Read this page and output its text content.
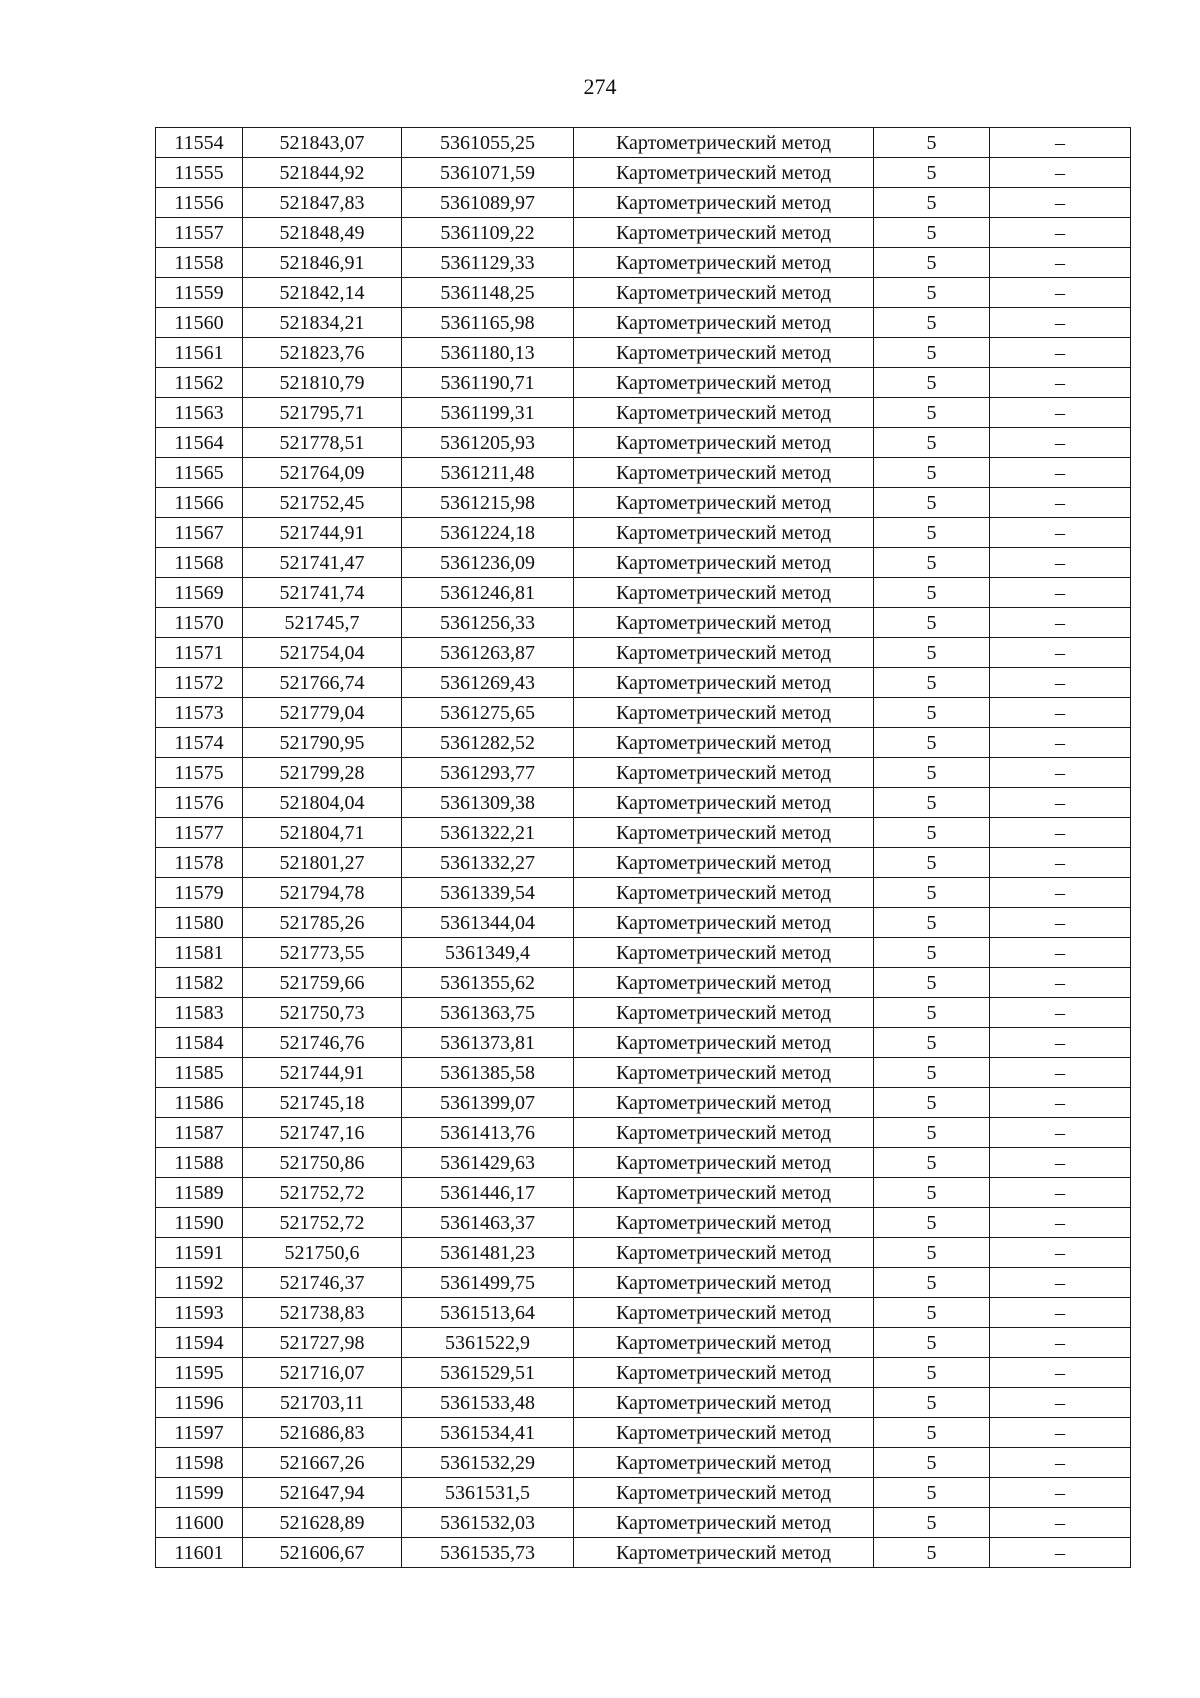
274
11554	521843,07	5361055,25	Картометрический метод	5	–
11555	521844,92	5361071,59	Картометрический метод	5	–
11556	521847,83	5361089,97	Картометрический метод	5	–
11557	521848,49	5361109,22	Картометрический метод	5	–
11558	521846,91	5361129,33	Картометрический метод	5	–
11559	521842,14	5361148,25	Картометрический метод	5	–
11560	521834,21	5361165,98	Картометрический метод	5	–
11561	521823,76	5361180,13	Картометрический метод	5	–
11562	521810,79	5361190,71	Картометрический метод	5	–
11563	521795,71	5361199,31	Картометрический метод	5	–
11564	521778,51	5361205,93	Картометрический метод	5	–
11565	521764,09	5361211,48	Картометрический метод	5	–
11566	521752,45	5361215,98	Картометрический метод	5	–
11567	521744,91	5361224,18	Картометрический метод	5	–
11568	521741,47	5361236,09	Картометрический метод	5	–
11569	521741,74	5361246,81	Картометрический метод	5	–
11570	521745,7	5361256,33	Картометрический метод	5	–
11571	521754,04	5361263,87	Картометрический метод	5	–
11572	521766,74	5361269,43	Картометрический метод	5	–
11573	521779,04	5361275,65	Картометрический метод	5	–
11574	521790,95	5361282,52	Картометрический метод	5	–
11575	521799,28	5361293,77	Картометрический метод	5	–
11576	521804,04	5361309,38	Картометрический метод	5	–
11577	521804,71	5361322,21	Картометрический метод	5	–
11578	521801,27	5361332,27	Картометрический метод	5	–
11579	521794,78	5361339,54	Картометрический метод	5	–
11580	521785,26	5361344,04	Картометрический метод	5	–
11581	521773,55	5361349,4	Картометрический метод	5	–
11582	521759,66	5361355,62	Картометрический метод	5	–
11583	521750,73	5361363,75	Картометрический метод	5	–
11584	521746,76	5361373,81	Картометрический метод	5	–
11585	521744,91	5361385,58	Картометрический метод	5	–
11586	521745,18	5361399,07	Картометрический метод	5	–
11587	521747,16	5361413,76	Картометрический метод	5	–
11588	521750,86	5361429,63	Картометрический метод	5	–
11589	521752,72	5361446,17	Картометрический метод	5	–
11590	521752,72	5361463,37	Картометрический метод	5	–
11591	521750,6	5361481,23	Картометрический метод	5	–
11592	521746,37	5361499,75	Картометрический метод	5	–
11593	521738,83	5361513,64	Картометрический метод	5	–
11594	521727,98	5361522,9	Картометрический метод	5	–
11595	521716,07	5361529,51	Картометрический метод	5	–
11596	521703,11	5361533,48	Картометрический метод	5	–
11597	521686,83	5361534,41	Картометрический метод	5	–
11598	521667,26	5361532,29	Картометрический метод	5	–
11599	521647,94	5361531,5	Картометрический метод	5	–
11600	521628,89	5361532,03	Картометрический метод	5	–
11601	521606,67	5361535,73	Картометрический метод	5	–
